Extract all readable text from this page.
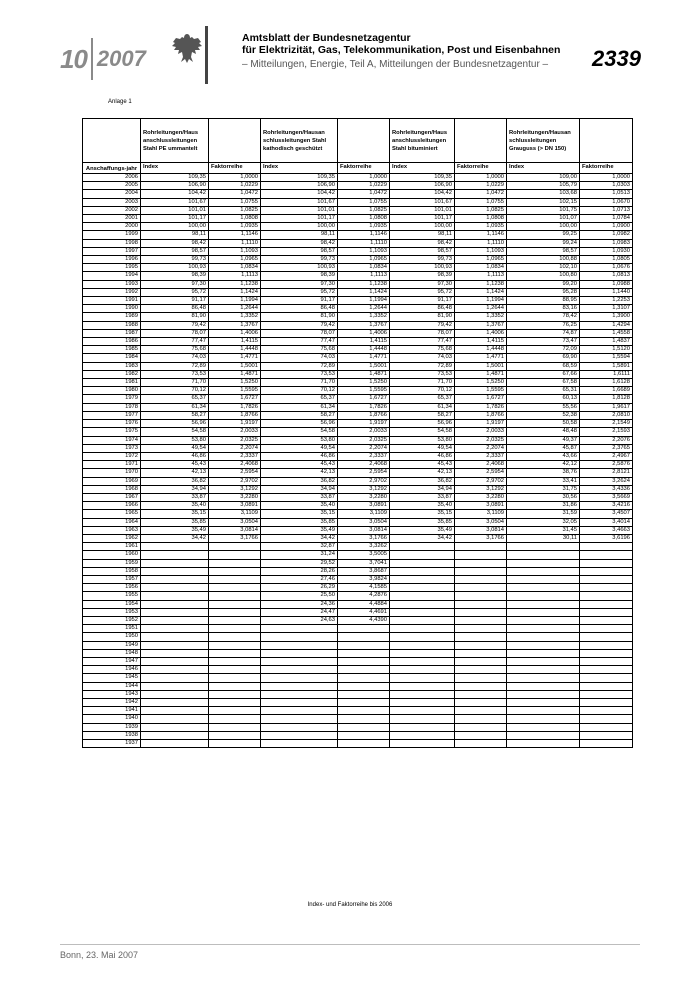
10 2007
Amtsblatt der Bundesnetzagentur
für Elektrizität, Gas, Telekommunikation, Post und Eisenbahnen
– Mitteilungen, Energie, Teil A, Mitteilungen der Bundesnetzagentur –	2339
Anlage 1
	Rohrleitungen/Haus anschlussleitungen Stahl PE ummantelt		Rohrleitungen/Hausan schlussleitungen Stahl kathodisch geschützt		Rohrleitungen/Haus anschlussleitungen Stahl bituminiert		Rohrleitungen/Hausan schlussleitungen Grauguss (> DN 150)	
Anschaffungs-jahr	Index	Faktorreihe	Index	Faktorreihe	Index	Faktorreihe	Index	Faktorreihe
2006	109,35	1,0000	109,35	1,0000	109,35	1,0000	109,00	1,0000
2005	106,90	1,0229	106,90	1,0229	106,90	1,0229	105,79	1,0303
2004	104,42	1,0472	104,42	1,0472	104,42	1,0472	103,68	1,0513
2003	101,67	1,0755	101,67	1,0755	101,67	1,0755	102,15	1,0670
2002	101,01	1,0825	101,01	1,0825	101,01	1,0825	101,75	1,0713
2001	101,17	1,0808	101,17	1,0808	101,17	1,0808	101,07	1,0784
2000	100,00	1,0935	100,00	1,0935	100,00	1,0935	100,00	1,0900
1999	98,11	1,1146	98,11	1,1146	98,11	1,1146	99,25	1,0982
1998	98,42	1,1110	98,42	1,1110	98,42	1,1110	99,24	1,0983
1997	98,57	1,1093	98,57	1,1093	98,57	1,1093	98,57	1,0930
1996	99,73	1,0965	99,73	1,0965	99,73	1,0965	100,88	1,0805
1995	100,93	1,0834	100,93	1,0834	100,93	1,0834	102,10	1,0676
1994	98,39	1,1113	98,39	1,1113	98,39	1,1113	100,80	1,0813
1993	97,30	1,1238	97,30	1,1238	97,30	1,1238	99,20	1,0988
1992	95,72	1,1424	95,72	1,1424	95,72	1,1424	95,28	1,1440
1991	91,17	1,1994	91,17	1,1994	91,17	1,1994	88,95	1,2253
1990	86,48	1,2644	86,48	1,2644	86,48	1,2644	83,16	1,3107
1989	81,90	1,3352	81,90	1,3352	81,90	1,3352	78,42	1,3900
1988	79,42	1,3767	79,42	1,3767	79,42	1,3767	76,25	1,4294
1987	78,07	1,4006	78,07	1,4006	78,07	1,4006	74,87	1,4558
1986	77,47	1,4115	77,47	1,4115	77,47	1,4115	73,47	1,4837
1985	75,68	1,4448	75,68	1,4448	75,68	1,4448	72,09	1,5120
1984	74,03	1,4771	74,03	1,4771	74,03	1,4771	69,90	1,5594
1983	72,89	1,5001	72,89	1,5001	72,89	1,5001	68,59	1,5891
1982	73,53	1,4871	73,53	1,4871	73,53	1,4871	67,66	1,6111
1981	71,70	1,5250	71,70	1,5250	71,70	1,5250	67,58	1,6128
1980	70,12	1,5595	70,12	1,5595	70,12	1,5595	65,31	1,6689
1979	65,37	1,6727	65,37	1,6727	65,37	1,6727	60,13	1,8128
1978	61,34	1,7826	61,34	1,7826	61,34	1,7826	55,56	1,9617
1977	58,27	1,8766	58,27	1,8766	58,27	1,8766	52,38	2,0810
1976	56,96	1,9197	56,96	1,9197	56,96	1,9197	50,58	2,1549
1975	54,58	2,0033	54,58	2,0033	54,58	2,0033	48,48	2,1593
1974	53,80	2,0325	53,80	2,0325	53,80	2,0325	49,37	2,2076
1973	49,54	2,2074	49,54	2,2074	49,54	2,2074	45,87	2,3765
1972	46,86	2,3337	46,86	2,3337	46,86	2,3337	43,66	2,4967
1971	45,43	2,4068	45,43	2,4068	45,43	2,4068	42,12	2,5876
1970	42,13	2,5954	42,13	2,5954	42,13	2,5954	38,76	2,8121
1969	36,82	2,9702	36,82	2,9702	36,82	2,9702	33,41	3,2624
1968	34,94	3,1292	34,94	3,1292	34,94	3,1292	31,75	3,4336
1967	33,87	3,2280	33,87	3,2280	33,87	3,2280	30,56	3,5669
1966	35,40	3,0891	35,40	3,0891	35,40	3,0891	31,86	3,4216
1965	35,15	3,1109	35,15	3,1109	35,15	3,1109	31,59	3,4507
1964	35,85	3,0504	35,85	3,0504	35,85	3,0504	32,05	3,4014
1963	35,49	3,0814	35,49	3,0814	35,49	3,0814	31,45	3,4663
1962	34,42	3,1766	34,42	3,1766	34,42	3,1766	30,11	3,6196
1961			32,87	3,3262				
1960			31,24	3,5005				
1959			29,52	3,7041				
1958			28,26	3,8687				
1957			27,46	3,9824				
1956			26,29	4,1585				
1955			25,50	4,2876				
1954			24,36	4,4884				
1953			24,47	4,4691				
1952			24,63	4,4390				
1951								
1950								
1949								
1948								
1947								
1946								
1945								
1944								
1943								
1942								
1941								
1940								
1939								
1938								
1937								
Index- und Faktorreihe bis 2006
Bonn, 23. Mai 2007
